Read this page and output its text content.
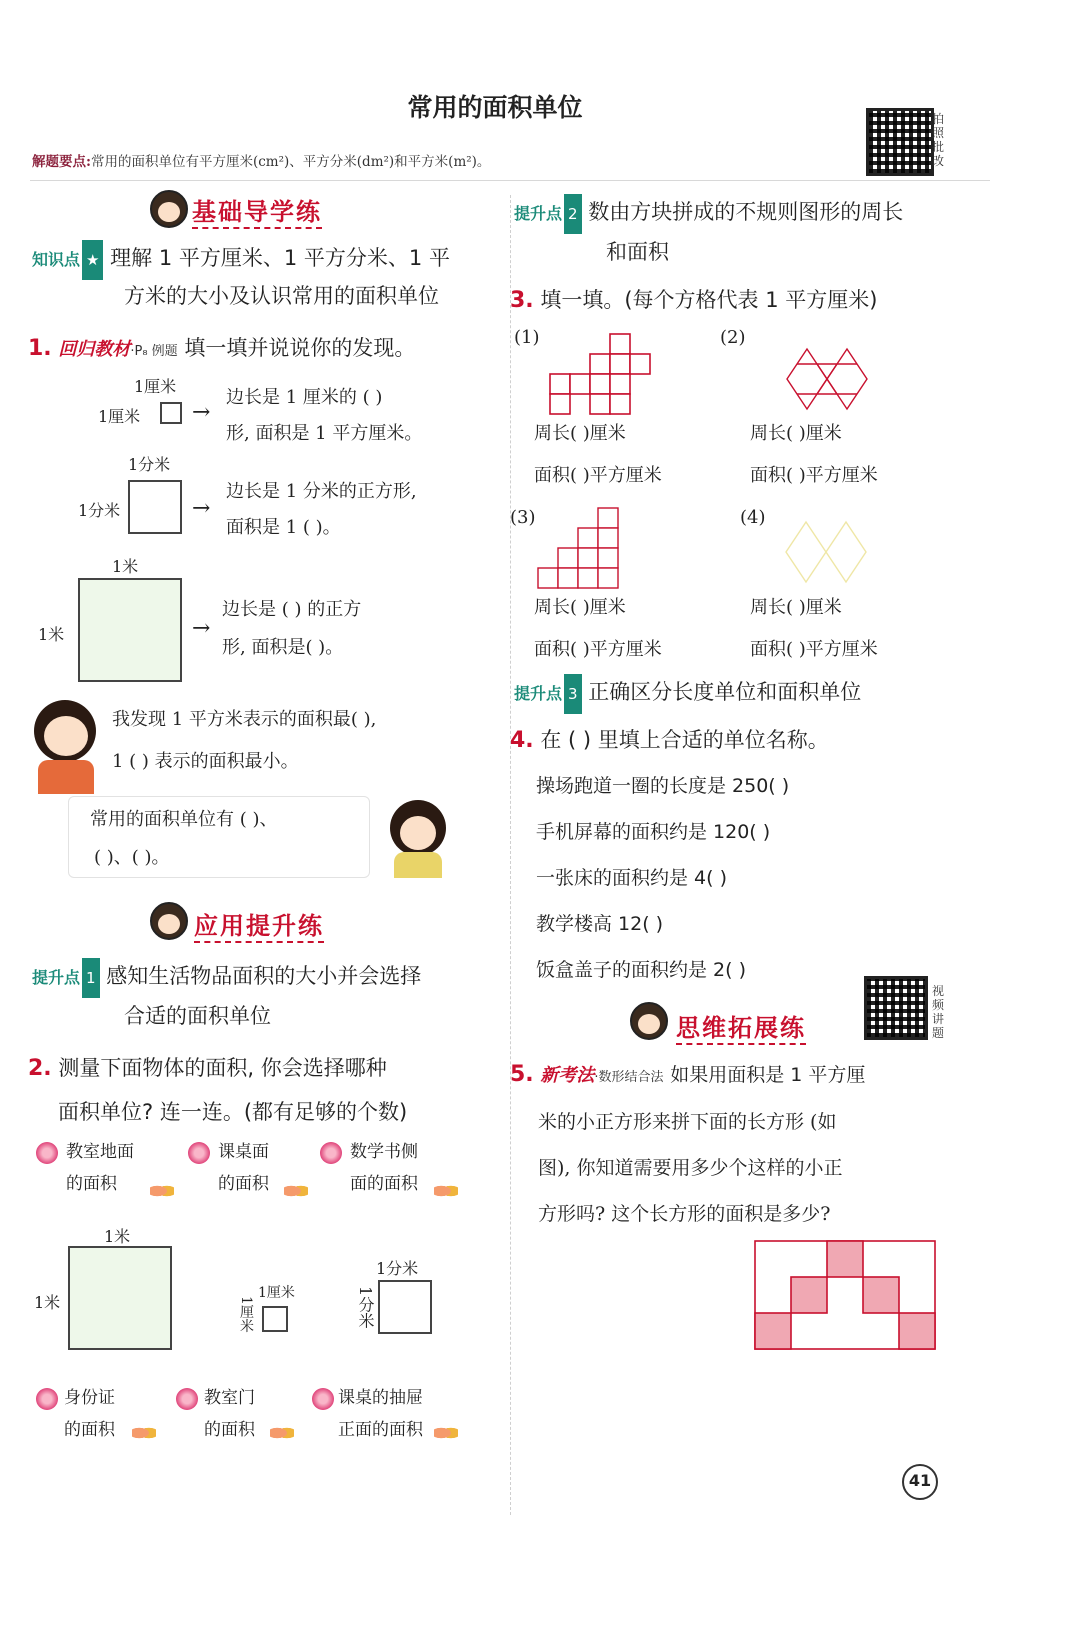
常用的面积单位
解题要点:常用的面积单位有平方厘米(cm²)、平方分米(dm²)和平方米(m²)。
拍照批改
基础导学练
知识点 ★ 理解 1 平方厘米、1 平方分米、1 平
方米的大小及认识常用的面积单位
1. 回归教材·P₈ 例题 填一填并说说你的发现。
1厘米
1厘米 →
边长是 1 厘米的 ( )
形, 面积是 1 平方厘米。
1分米
1分米	→
边长是 1 分米的正方形,
面积是 1 ( )。
1米
1米	→
边长是 ( ) 的正方
形, 面积是( )。
我发现 1 平方米表示的面积最( ),
1 ( ) 表示的面积最小。
常用的面积单位有 ( )、
( )、( )。
应用提升练
提升点 1 感知生活物品面积的大小并会选择
合适的面积单位
2. 测量下面物体的面积, 你会选择哪种
面积单位? 连一连。(都有足够的个数)
教室地面
的面积
课桌面
的面积
数学书侧
面的面积
1米
1米	1厘米
1厘米
1分米
1分米
身份证
的面积
教室门
的面积
课桌的抽屉
正面的面积
提升点 2 数由方块拼成的不规则图形的周长
和面积
3. 填一填。(每个方格代表 1 平方厘米)
(1)	(2)
周长( )厘米	周长( )厘米
面积( )平方厘米	面积( )平方厘米
(3)	(4)
周长( )厘米	周长( )厘米
面积( )平方厘米	面积( )平方厘米
提升点 3 正确区分长度单位和面积单位
4. 在 ( ) 里填上合适的单位名称。
操场跑道一圈的长度是 250( )
手机屏幕的面积约是 120( )
一张床的面积约是 4( )
教学楼高 12( )
饭盒盖子的面积约是 2( )
视频讲题
思维拓展练
5. 新考法·数形结合法 如果用面积是 1 平方厘
米的小正方形来拼下面的长方形 (如
图), 你知道需要用多少个这样的小正
方形吗? 这个长方形的面积是多少?
41
